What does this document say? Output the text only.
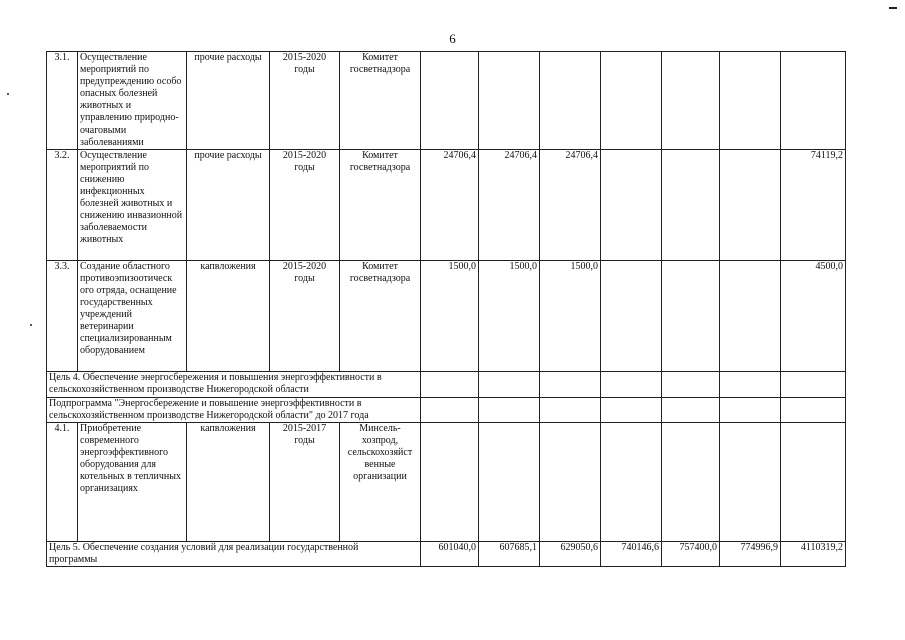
6
3.1.	Осуществление мероприятий по предупреждению особо опасных болезней животных и управлению природно-очаговыми заболеваниями	прочие расходы	2015-2020 годы	Комитет госветнадзора							
3.2.	Осуществление мероприятий по снижению инфекционных болезней животных и снижению инвазионной заболеваемости животных	прочие расходы	2015-2020 годы	Комитет госветнадзора	24706,4	24706,4	24706,4				74119,2
3.3.	Создание областного противоэпизоотическ ого отряда, оснащение государственных учреждений ветеринарии специализированным оборудованием	капвложения	2015-2020 годы	Комитет госветнадзора	1500,0	1500,0	1500,0				4500,0

Цель 4. Обеспечение энергосбережения и повышения энергоэффективности в
сельскохозяйственном производстве Нижегородской области											

Подпрограмма "Энергосбережение и повышение энергоэффективности в
сельскохозяйственном производстве Нижегородской области" до 2017 года											

4.1.	Приобретение современного энергоэффективного оборудования для котельных в тепличных организациях	капвложения	2015-2017 годы	Минсель-хозпрод, сельскохозяйст венные организации							

Цель 5. Обеспечение создания условий для реализации государственной
программы					601040,0	607685,1	629050,6	740146,6	757400,0	774996,9	4110319,2
